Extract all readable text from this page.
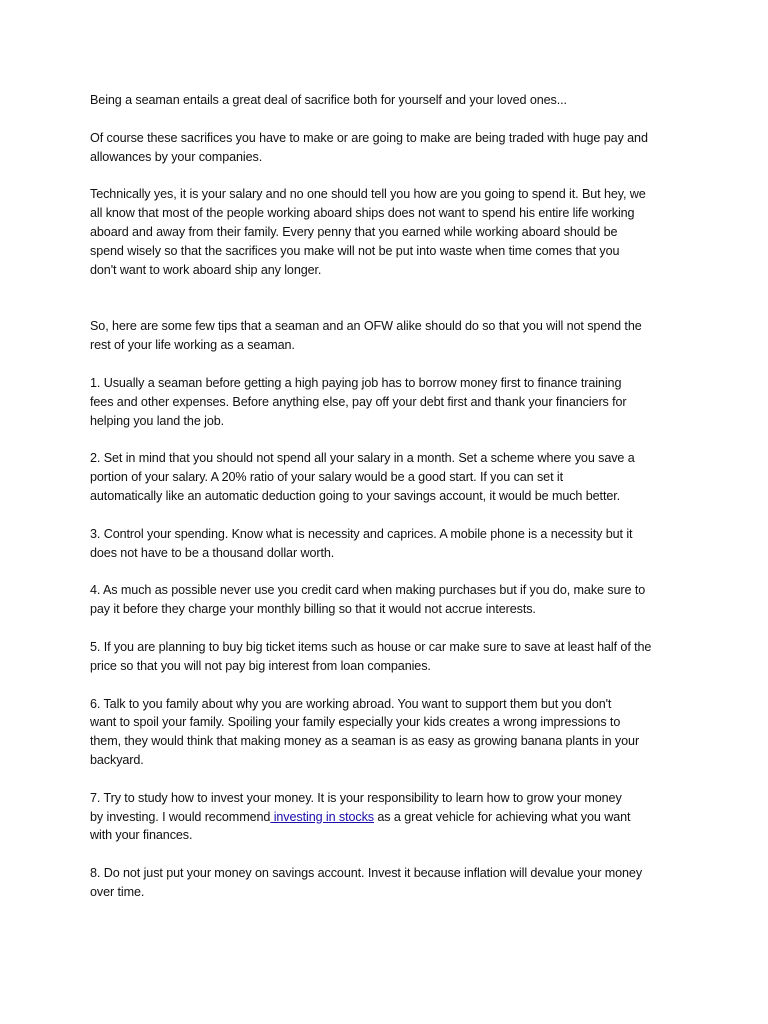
Being a seaman entails a great deal of sacrifice both for yourself and your loved ones...

Of course these sacrifices you have to make or are going to make are being traded with huge pay and
allowances by your companies.

Technically yes, it is your salary and no one should tell you how are you going to spend it. But hey, we
all know that most of the people working aboard ships does not want to spend his entire life working
aboard and away from their family. Every penny that you earned while working aboard should be
spend wisely so that the sacrifices you make will not be put into waste when time comes that you
don't want to work aboard ship any longer.

So, here are some few tips that a seaman and an OFW alike should do so that you will not spend the
rest of your life working as a seaman.

1. Usually a seaman before getting a high paying job has to borrow money first to finance training
fees and other expenses. Before anything else, pay off your debt first and thank your financiers for
helping you land the job.

2. Set in mind that you should not spend all your salary in a month. Set a scheme where you save a
portion of your salary. A 20% ratio of your salary would be a good start. If you can set it
automatically like an automatic deduction going to your savings account, it would be much better.

3. Control your spending. Know what is necessity and caprices. A mobile phone is a necessity but it
does not have to be a thousand dollar worth.

4. As much as possible never use you credit card when making purchases but if you do, make sure to
pay it before they charge your monthly billing so that it would not accrue interests.

5. If you are planning to buy big ticket items such as house or car make sure to save at least half of the
price so that you will not pay big interest from loan companies.

6. Talk to you family about why you are working abroad. You want to support them but you don't
want to spoil your family. Spoiling your family especially your kids creates a wrong impressions to
them, they would think that making money as a seaman is as easy as growing banana plants in your
backyard.

7. Try to study how to invest your money. It is your responsibility to learn how to grow your money
by investing. I would recommend investing in stocks as a great vehicle for achieving what you want
with your finances.

8. Do not just put your money on savings account. Invest it because inflation will devalue your money
over time.
